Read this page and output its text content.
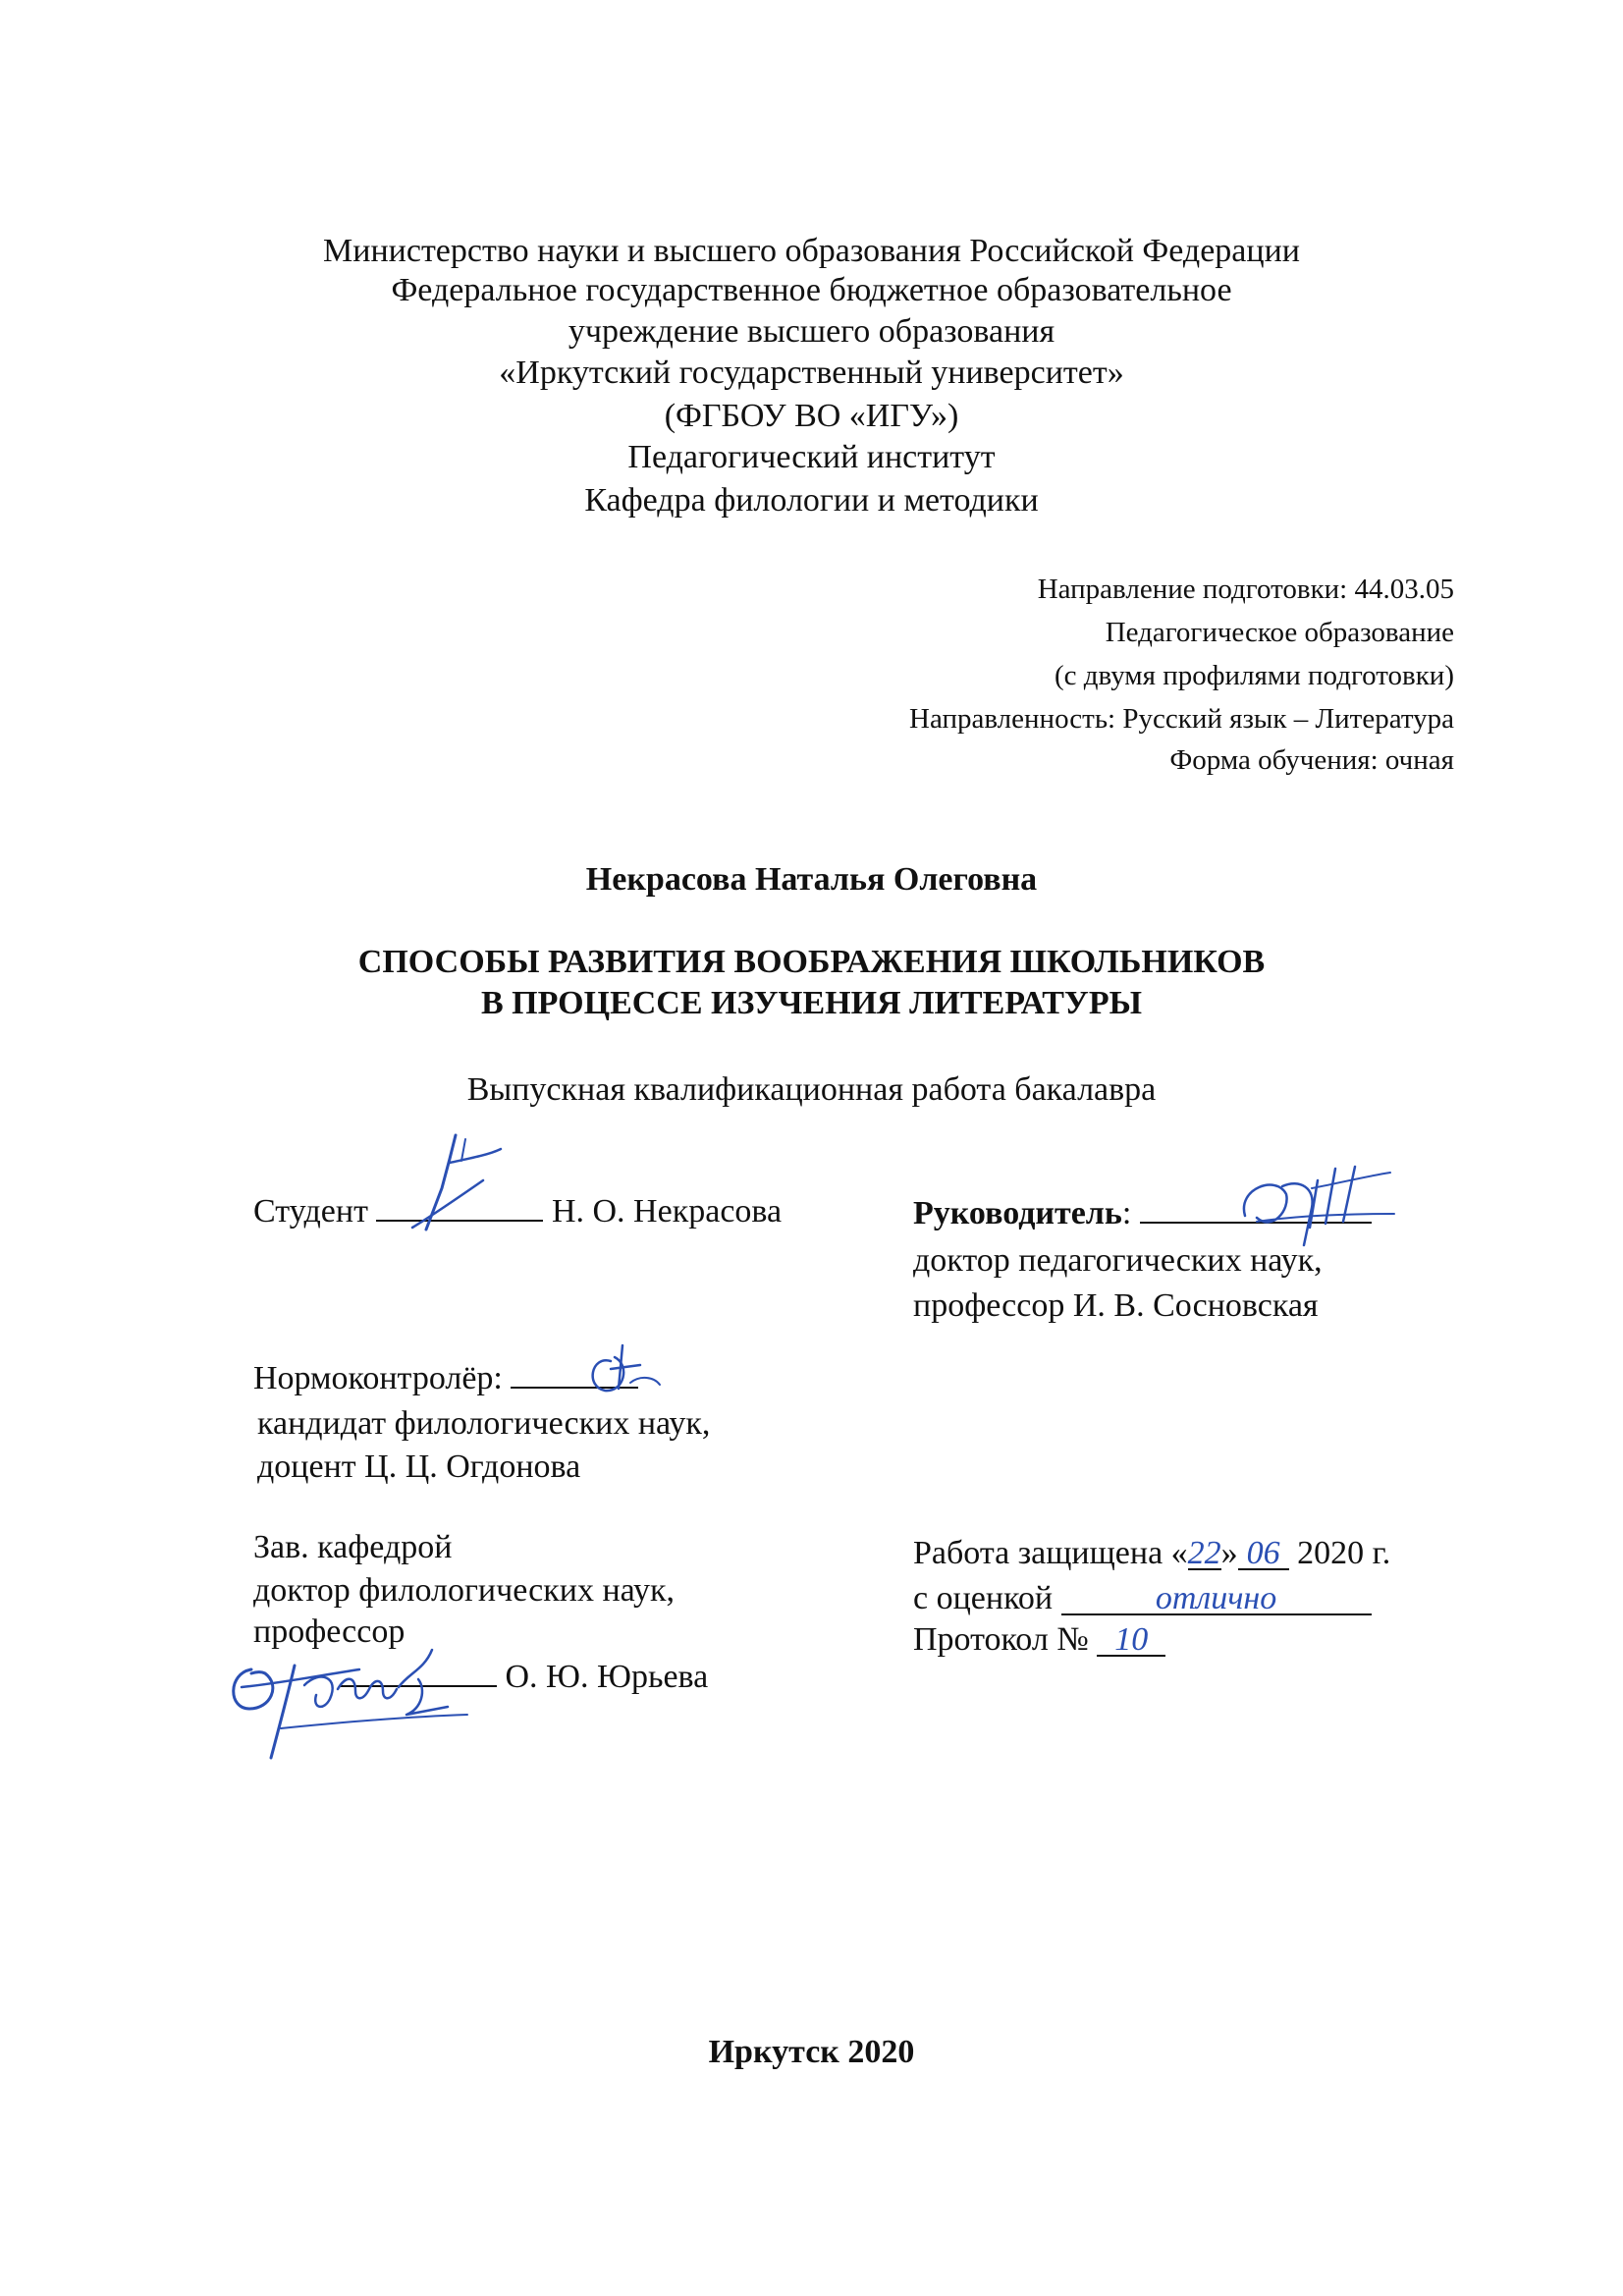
Министерство науки и высшего образования Российской Федерации
Федеральное государственное бюджетное образовательное
учреждение высшего образования
«Иркутский государственный университет»
(ФГБОУ ВО «ИГУ»)
Педагогический институт
Кафедра филологии и методики
Направление подготовки: 44.03.05
Педагогическое образование
(с двумя профилями подготовки)
Направленность: Русский язык – Литература
Форма обучения: очная
Некрасова Наталья Олеговна
СПОСОБЫ РАЗВИТИЯ ВООБРАЖЕНИЯ ШКОЛЬНИКОВ
В ПРОЦЕССЕ ИЗУЧЕНИЯ ЛИТЕРАТУРЫ
Выпускная квалификационная работа бакалавра
Студент	Н. О. Некрасова	Руководитель:
доктор педагогических наук,
профессор И. В. Сосновская
Нормоконтролёр:
кандидат филологических наук,
доцент Ц. Ц. Огдонова
Зав. кафедрой
доктор филологических наук,
профессор
О. Ю. Юрьева
Работа защищена «22» 06 2020 г.
с оценкой	отлично
Протокол № 10
Иркутск 2020
